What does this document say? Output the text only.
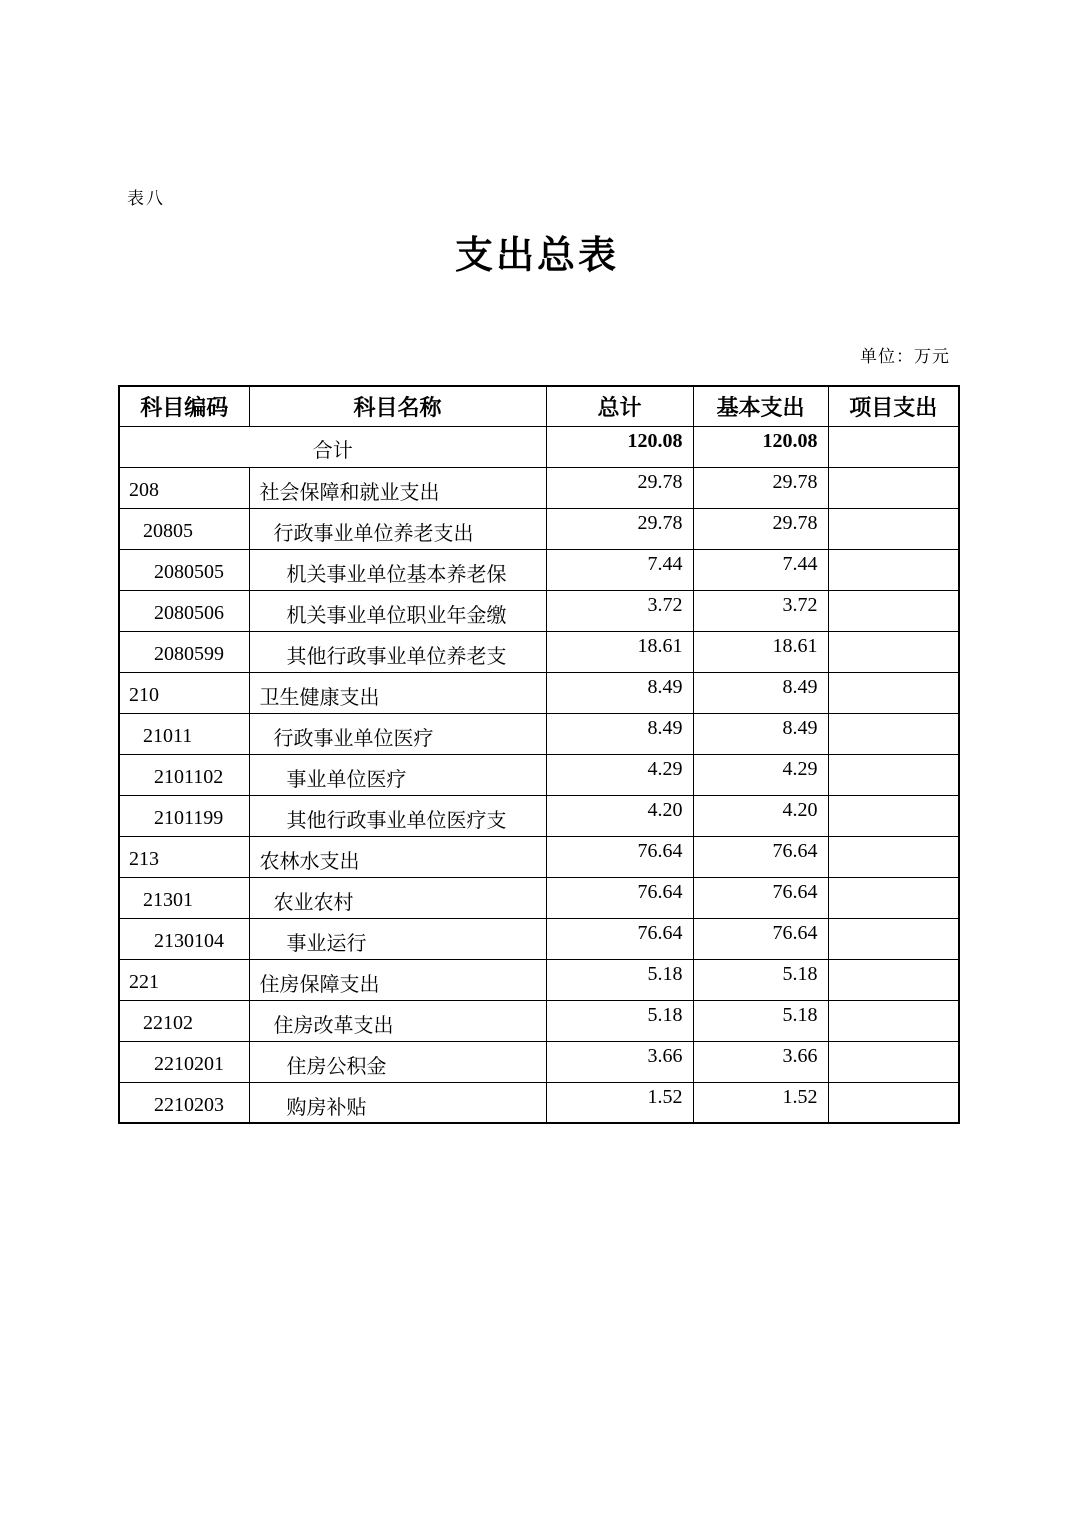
表八
支出总表
单位：万元
科目编码	科目名称	总计	基本支出	项目支出
合计		120.08	120.08	
208	社会保障和就业支出	29.78	29.78	
20805	行政事业单位养老支出	29.78	29.78	
2080505	机关事业单位基本养老保	7.44	7.44	
2080506	机关事业单位职业年金缴	3.72	3.72	
2080599	其他行政事业单位养老支	18.61	18.61	
210	卫生健康支出	8.49	8.49	
21011	行政事业单位医疗	8.49	8.49	
2101102	事业单位医疗	4.29	4.29	
2101199	其他行政事业单位医疗支	4.20	4.20	
213	农林水支出	76.64	76.64	
21301	农业农村	76.64	76.64	
2130104	事业运行	76.64	76.64	
221	住房保障支出	5.18	5.18	
22102	住房改革支出	5.18	5.18	
2210201	住房公积金	3.66	3.66	
2210203	购房补贴	1.52	1.52	
